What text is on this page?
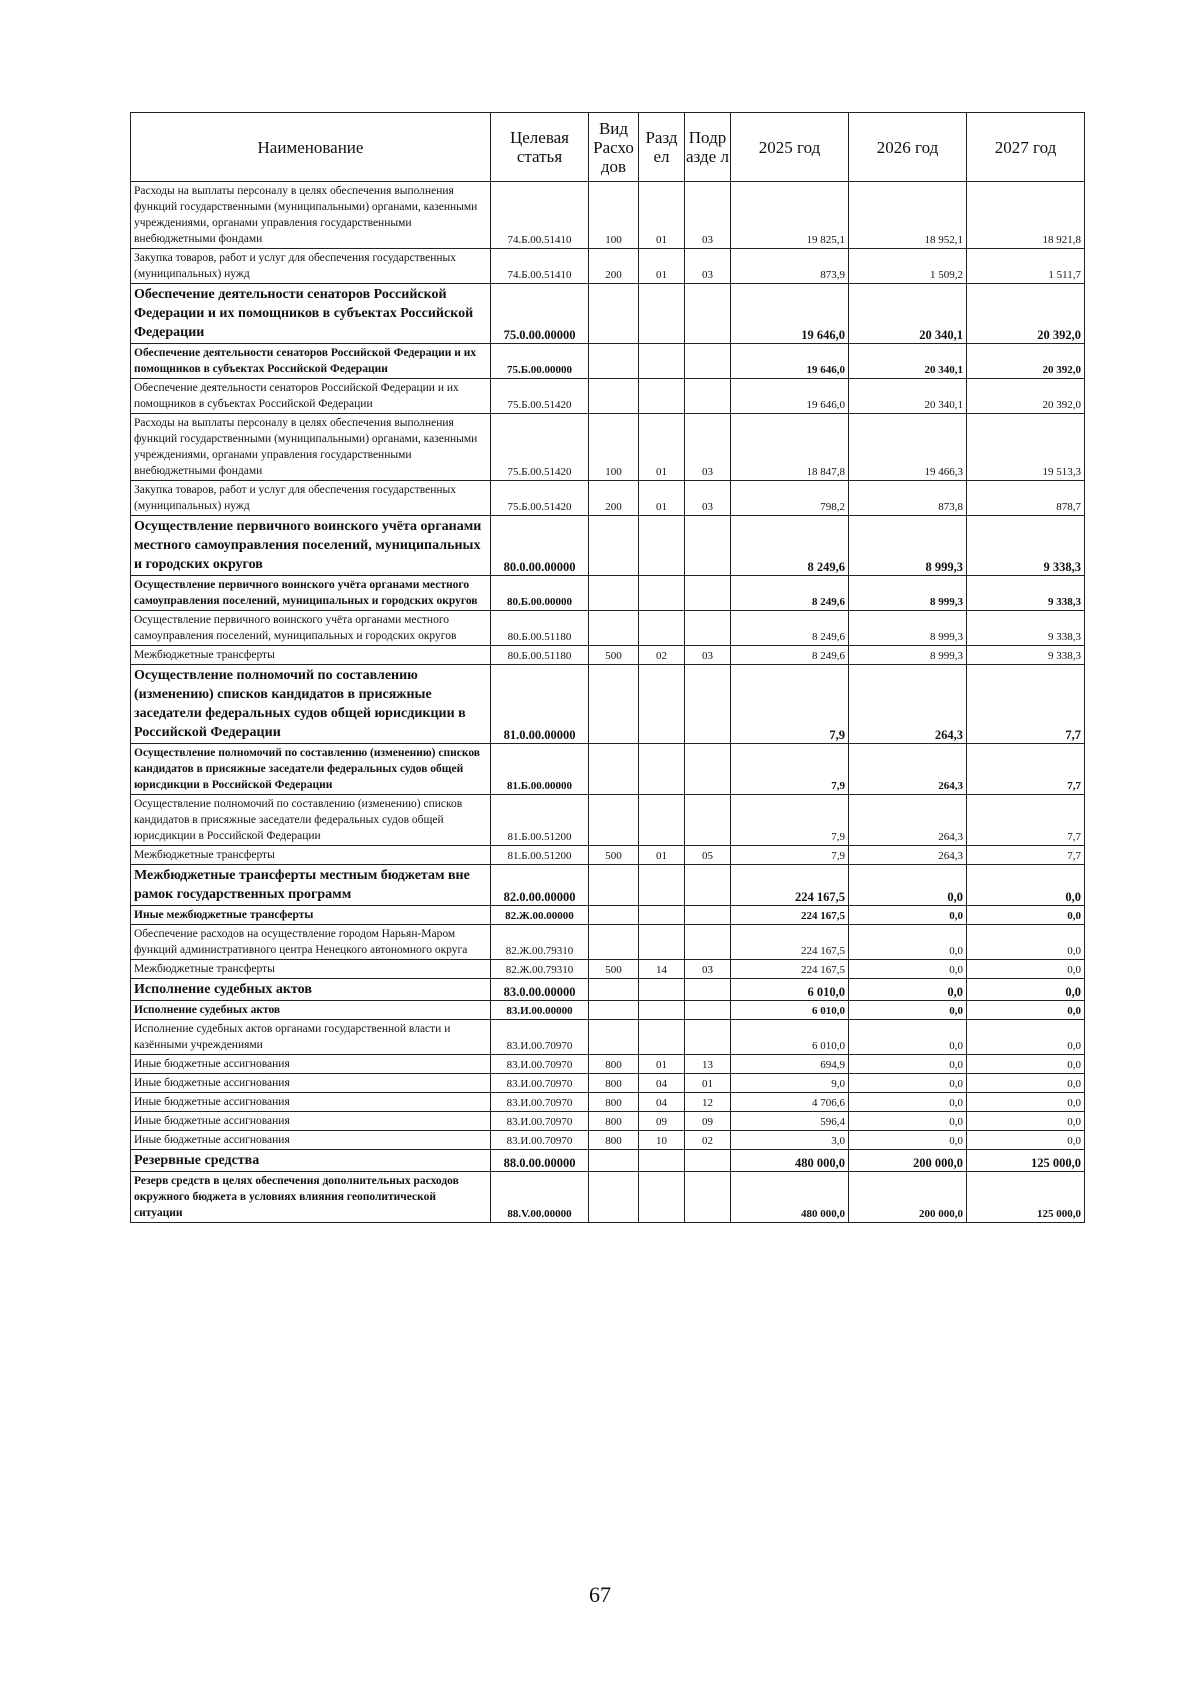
Наименование	Целевая статья	Вид Расхо дов	Разд ел	Подр азде л	2025 год	2026 год	2027 год
Расходы на выплаты персоналу в целях обеспечения выполнения функций государственными (муниципальными) органами, казенными учреждениями, органами управления государственными внебюджетными фондами	74.Б.00.51410	100	01	03	19 825,1	18 952,1	18 921,8
Закупка товаров, работ и услуг для обеспечения государственных (муниципальных) нужд	74.Б.00.51410	200	01	03	873,9	1 509,2	1 511,7
Обеспечение деятельности сенаторов Российской Федерации и их помощников в субъектах Российской Федерации	75.0.00.00000				19 646,0	20 340,1	20 392,0
Обеспечение деятельности сенаторов Российской Федерации и их помощников в субъектах Российской Федерации	75.Б.00.00000				19 646,0	20 340,1	20 392,0
Обеспечение деятельности сенаторов Российской Федерации и их помощников в субъектах Российской Федерации	75.Б.00.51420				19 646,0	20 340,1	20 392,0
Расходы на выплаты персоналу в целях обеспечения выполнения функций государственными (муниципальными) органами, казенными учреждениями, органами управления государственными внебюджетными фондами	75.Б.00.51420	100	01	03	18 847,8	19 466,3	19 513,3
Закупка товаров, работ и услуг для обеспечения государственных (муниципальных) нужд	75.Б.00.51420	200	01	03	798,2	873,8	878,7
Осуществление первичного воинского учёта органами местного самоуправления поселений, муниципальных и городских округов	80.0.00.00000				8 249,6	8 999,3	9 338,3
Осуществление первичного воинского учёта органами местного самоуправления поселений, муниципальных и городских округов	80.Б.00.00000				8 249,6	8 999,3	9 338,3
Осуществление первичного воинского учёта органами местного самоуправления поселений, муниципальных и городских округов	80.Б.00.51180				8 249,6	8 999,3	9 338,3
Межбюджетные трансферты	80.Б.00.51180	500	02	03	8 249,6	8 999,3	9 338,3
Осуществление полномочий по составлению (изменению) списков кандидатов в присяжные заседатели федеральных судов общей юрисдикции в Российской Федерации	81.0.00.00000				7,9	264,3	7,7
Осуществление полномочий по составлению (изменению) списков кандидатов в присяжные заседатели федеральных судов общей юрисдикции в Российской Федерации	81.Б.00.00000				7,9	264,3	7,7
Осуществление полномочий по составлению (изменению) списков кандидатов в присяжные заседатели федеральных судов общей юрисдикции в Российской Федерации	81.Б.00.51200				7,9	264,3	7,7
Межбюджетные трансферты	81.Б.00.51200	500	01	05	7,9	264,3	7,7
Межбюджетные трансферты местным бюджетам вне рамок государственных программ	82.0.00.00000				224 167,5	0,0	0,0
Иные межбюджетные трансферты	82.Ж.00.00000				224 167,5	0,0	0,0
Обеспечение расходов на осуществление городом Нарьян-Маром функций административного центра Ненецкого автономного округа	82.Ж.00.79310				224 167,5	0,0	0,0
Межбюджетные трансферты	82.Ж.00.79310	500	14	03	224 167,5	0,0	0,0
Исполнение судебных актов	83.0.00.00000				6 010,0	0,0	0,0
Исполнение судебных актов	83.И.00.00000				6 010,0	0,0	0,0
Исполнение судебных актов органами государственной власти и казёнными учреждениями	83.И.00.70970				6 010,0	0,0	0,0
Иные бюджетные ассигнования	83.И.00.70970	800	01	13	694,9	0,0	0,0
Иные бюджетные ассигнования	83.И.00.70970	800	04	01	9,0	0,0	0,0
Иные бюджетные ассигнования	83.И.00.70970	800	04	12	4 706,6	0,0	0,0
Иные бюджетные ассигнования	83.И.00.70970	800	09	09	596,4	0,0	0,0
Иные бюджетные ассигнования	83.И.00.70970	800	10	02	3,0	0,0	0,0
Резервные средства	88.0.00.00000				480 000,0	200 000,0	125 000,0
Резерв средств в целях обеспечения дополнительных расходов окружного бюджета в условиях влияния геополитической ситуации	88.V.00.00000				480 000,0	200 000,0	125 000,0
67
